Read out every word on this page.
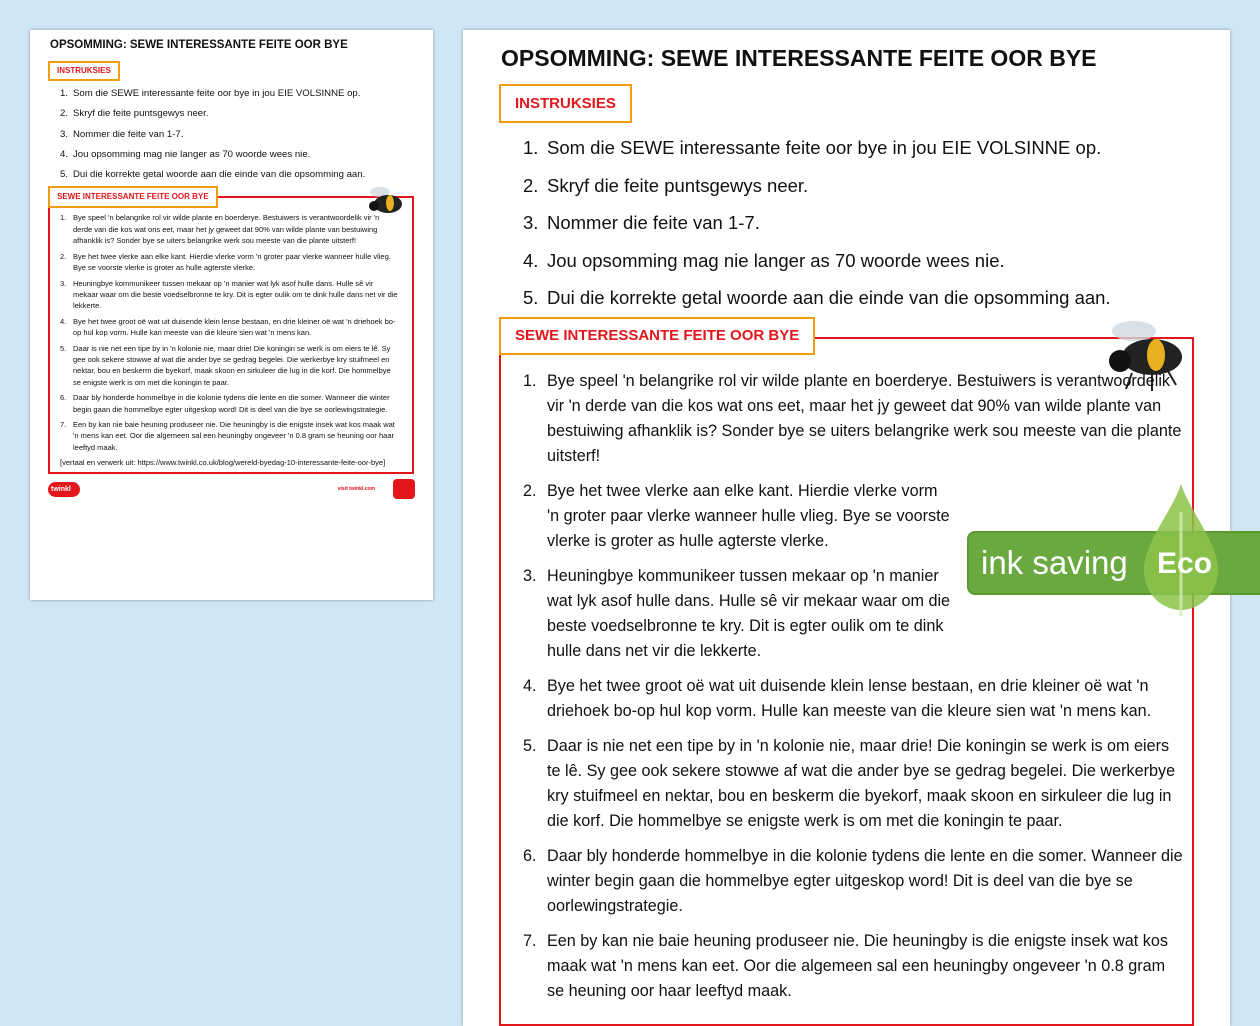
OPSOMMING: SEWE INTERESSANTE FEITE OOR BYE
INSTRUKSIES
1. Som die SEWE interessante feite oor bye in jou EIE VOLSINNE op.
2. Skryf die feite puntsgewys neer.
3. Nommer die feite van 1-7.
4. Jou opsomming mag nie langer as 70 woorde wees nie.
5. Dui die korrekte getal woorde aan die einde van die opsomming aan.
SEWE INTERESSANTE FEITE OOR BYE
1. Bye speel 'n belangrike rol vir wilde plante en boerderye. Bestuiwers is verantwoordelik vir 'n derde van die kos wat ons eet, maar het jy geweet dat 90% van wilde plante van bestuiwing afhanklik is? Sonder bye se uiters belangrike werk sou meeste van die plante uitsterf!
2. Bye het twee vlerke aan elke kant. Hierdie vlerke vorm 'n groter paar vlerke wanneer hulle vlieg. Bye se voorste vlerke is groter as hulle agterste vlerke.
3. Heuningbye kommunikeer tussen mekaar op 'n manier wat lyk asof hulle dans. Hulle sê vir mekaar waar om die beste voedselbronne te kry. Dit is egter oulik om te dink hulle dans net vir die lekkerte.
4. Bye het twee groot oë wat uit duisende klein lense bestaan, en drie kleiner oë wat 'n driehoek bo-op hul kop vorm. Hulle kan meeste van die kleure sien wat 'n mens kan.
5. Daar is nie net een tipe by in 'n kolonie nie, maar drie! Die koningin se werk is om eiers te lê. Sy gee ook sekere stowwe af wat die ander bye se gedrag begelei. Die werkerbye kry stuifmeel en nektar, bou en beskerm die byekorf, maak skoon en sirkuleer die lug in die korf. Die hommelbye se enigste werk is om met die koningin te paar.
6. Daar bly honderde hommelbye in die kolonie tydens die lente en die somer. Wanneer die winter begin gaan die hommelbye egter uitgeskop word! Dit is deel van die bye se oorlewingstrategie.
7. Een by kan nie baie heuning produseer nie. Die heuningby is die enigste insek wat kos maak wat 'n mens kan eet. Oor die algemeen sal een heuningby ongeveer 'n 0.8 gram se heuning oor haar leeftyd maak.
[vertaal en verwerk uit: https://www.twinkl.co.uk/blog/wereld-byedag-10-interessante-feite-oor-bye]
twinkl	visit twinkl.com
OPSOMMING: SEWE INTERESSANTE FEITE OOR BYE
INSTRUKSIES
1. Som die SEWE interessante feite oor bye in jou EIE VOLSINNE op.
2. Skryf die feite puntsgewys neer.
3. Nommer die feite van 1-7.
4. Jou opsomming mag nie langer as 70 woorde wees nie.
5. Dui die korrekte getal woorde aan die einde van die opsomming aan.
SEWE INTERESSANTE FEITE OOR BYE
1. Bye speel 'n belangrike rol vir wilde plante en boerderye. Bestuiwers is verantwoordelik vir 'n derde van die kos wat ons eet, maar het jy geweet dat 90% van wilde plante van bestuiwing afhanklik is? Sonder bye se uiters belangrike werk sou meeste van die plante uitsterf!
2. Bye het twee vlerke aan elke kant. Hierdie vlerke vorm 'n groter paar vlerke wanneer hulle vlieg. Bye se voorste vlerke is groter as hulle agterste vlerke.
3. Heuningbye kommunikeer tussen mekaar op 'n manier wat lyk asof hulle dans. Hulle sê vir mekaar waar om die beste voedselbronne te kry. Dit is egter oulik om te dink hulle dans net vir die lekkerte.
4. Bye het twee groot oë wat uit duisende klein lense bestaan, en drie kleiner oë wat 'n driehoek bo-op hul kop vorm. Hulle kan meeste van die kleure sien wat 'n mens kan.
5. Daar is nie net een tipe by in 'n kolonie nie, maar drie! Die koningin se werk is om eiers te lê. Sy gee ook sekere stowwe af wat die ander bye se gedrag begelei. Die werkerbye kry stuifmeel en nektar, bou en beskerm die byekorf, maak skoon en sirkuleer die lug in die korf. Die hommelbye se enigste werk is om met die koningin te paar.
6. Daar bly honderde hommelbye in die kolonie tydens die lente en die somer. Wanneer die winter begin gaan die hommelbye egter uitgeskop word! Dit is deel van die bye se oorlewingstrategie.
7. Een by kan nie baie heuning produseer nie. Die heuningby is die enigste insek wat kos maak wat 'n mens kan eet. Oor die algemeen sal een heuningby ongeveer 'n 0.8 gram se heuning oor haar leeftyd maak.
ink saving Eco
